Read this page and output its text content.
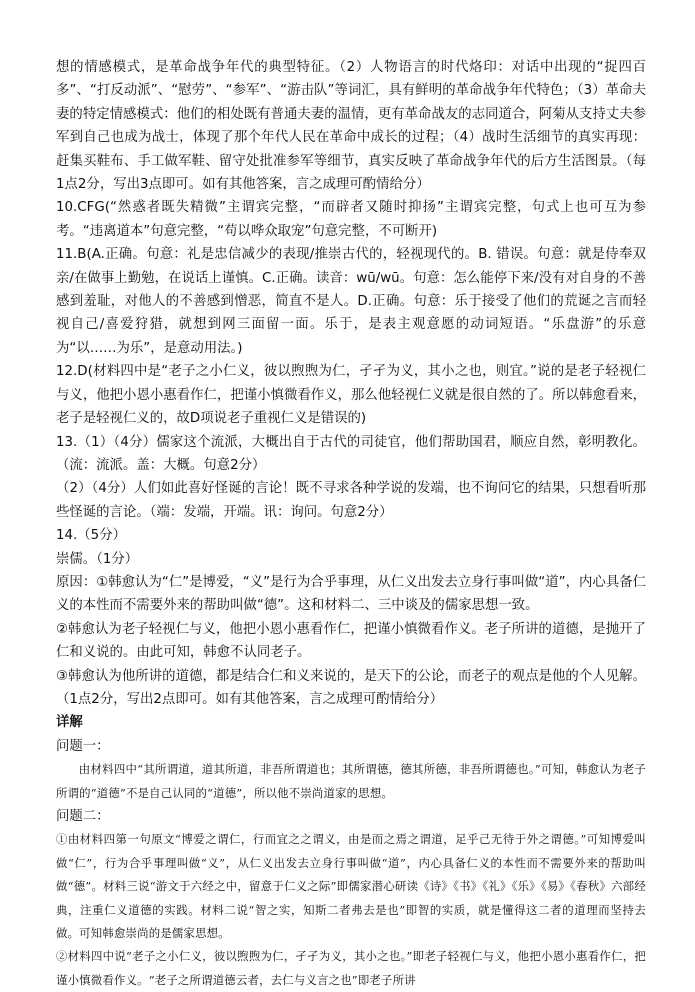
想的情感模式，是革命战争年代的典型特征。（2）人物语言的时代烙印：对话中出现的“捉四百多”、“打反动派”、“慰劳”、“参军”、“游击队”等词汇，具有鲜明的革命战争年代特色；（3）革命夫妻的特定情感模式：他们的相处既有普通夫妻的温情，更有革命战友的志同道合，阿菊从支持丈夫参军到自己也成为战士，体现了那个年代人民在革命中成长的过程；（4）战时生活细节的真实再现：赶集买鞋布、手工做军鞋、留守处批准参军等细节，真实反映了革命战争年代的后方生活图景。（每1点2分，写出3点即可。如有其他答案，言之成理可酌情给分）

10.CFG(“然惑者既失精微”主谓宾完整，“而辟者又随时抑扬”主谓宾完整，句式上也可互为参考。“违离道本”句意完整，“苟以哗众取宠”句意完整，不可断开)

11.B(A.正确。句意：礼是忠信减少的表现/推崇古代的，轻视现代的。B. 错误。句意：就是侍奉双亲/在做事上勤勉，在说话上谨慎。C.正确。读音：wū/wū。句意：怎么能停下来/没有对自身的不善感到羞耻，对他人的不善感到憎恶，简直不是人。D.正确。句意：乐于接受了他们的荒诞之言而轻视自己/喜爱狩猎，就想到网三面留一面。乐于，是表主观意愿的动词短语。“乐盘游”的乐意为“以……为乐”，是意动用法。)

12.D(材料四中是“老子之小仁义，彼以煦煦为仁，孑孑为义，其小之也，则宜。”说的是老子轻视仁与义，他把小恩小惠看作仁，把谨小慎微看作义，那么他轻视仁义就是很自然的了。所以韩愈看来，老子是轻视仁义的，故D项说老子重视仁义是错误的)

13.（1）（4分）儒家这个流派，大概出自于古代的司徒官，他们帮助国君，顺应自然，彰明教化。（流：流派。盖：大概。句意2分）

（2）（4分）人们如此喜好怪诞的言论！既不寻求各种学说的发端，也不询问它的结果，只想看听那些怪诞的言论。（端：发端，开端。讯：询问。句意2分）

14.（5分）

崇儒。（1分）

原因：①韩愈认为“仁”是博爱，“义”是行为合乎事理，从仁义出发去立身行事叫做“道”，内心具备仁义的本性而不需要外来的帮助叫做“德”。这和材料二、三中谈及的儒家思想一致。

②韩愈认为老子轻视仁与义，他把小恩小惠看作仁，把谨小慎微看作义。老子所讲的道德，是抛开了仁和义说的。由此可知，韩愈不认同老子。

③韩愈认为他所讲的道德，都是结合仁和义来说的，是天下的公论，而老子的观点是他的个人见解。（1点2分，写出2点即可。如有其他答案，言之成理可酌情给分）

详解

问题一：

由材料四中“其所谓道，道其所道，非吾所谓道也；其所谓德，德其所德，非吾所谓德也。”可知，韩愈认为老子所谓的“道德”不是自己认同的“道德”，所以他不崇尚道家的思想。

问题二：

①由材料四第一句原文“博爱之谓仁，行而宜之之谓义，由是而之焉之谓道，足乎己无待于外之谓德。”可知博爱叫做“仁”，行为合乎事理叫做“义”，从仁义出发去立身行事叫做“道”，内心具备仁义的本性而不需要外来的帮助叫做“德”。材料三说“游文于六经之中，留意于仁义之际”即儒家潜心研读《诗》《书》《礼》《乐》《易》《春秋》六部经典，注重仁义道德的实践。材料二说“智之实，知斯二者弗去是也”即智的实质，就是懂得这二者的道理而坚持去做。可知韩愈崇尚的是儒家思想。

②材料四中说“老子之小仁义，彼以煦煦为仁，孑孑为义，其小之也。”即老子轻视仁与义，他把小恩小惠看作仁，把谨小慎微看作义。“老子之所谓道德云者，去仁与义言之也”即老子所讲
